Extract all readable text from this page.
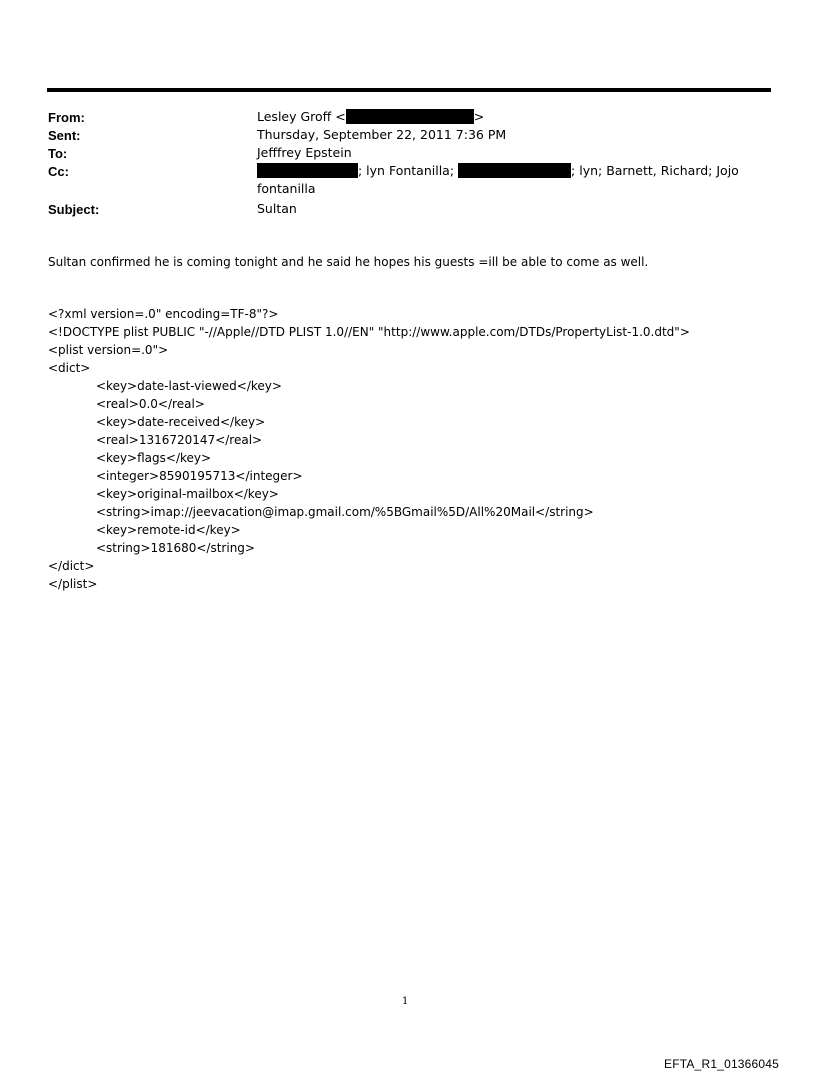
From:	Lesley Groff <	>
Sent:	Thursday, September 22, 2011 7:36 PM
To:	Jefffrey Epstein
Cc:	; lyn Fontanilla;	; lyn; Barnett, Richard; Jojo
fontanilla
Subject:	Sultan
Sultan confirmed he is coming tonight and he said he hopes his guests =ill be able to come as well.
<?xml version=.0" encoding=TF-8"?>
<!DOCTYPE plist PUBLIC "-//Apple//DTD PLIST 1.0//EN" "http://www.apple.com/DTDs/PropertyList-1.0.dtd">
<plist version=.0">
<dict>
<key>date-last-viewed</key>
<real>0.0</real>
<key>date-received</key>
<real>1316720147</real>
<key>flags</key>
<integer>8590195713</integer>
<key>original-mailbox</key>
<string>imap://jeevacation@imap.gmail.com/%5BGmail%5D/All%20Mail</string>
<key>remote-id</key>
<string>181680</string>
</dict>
</plist>
1
EFTA_R1_01366045
